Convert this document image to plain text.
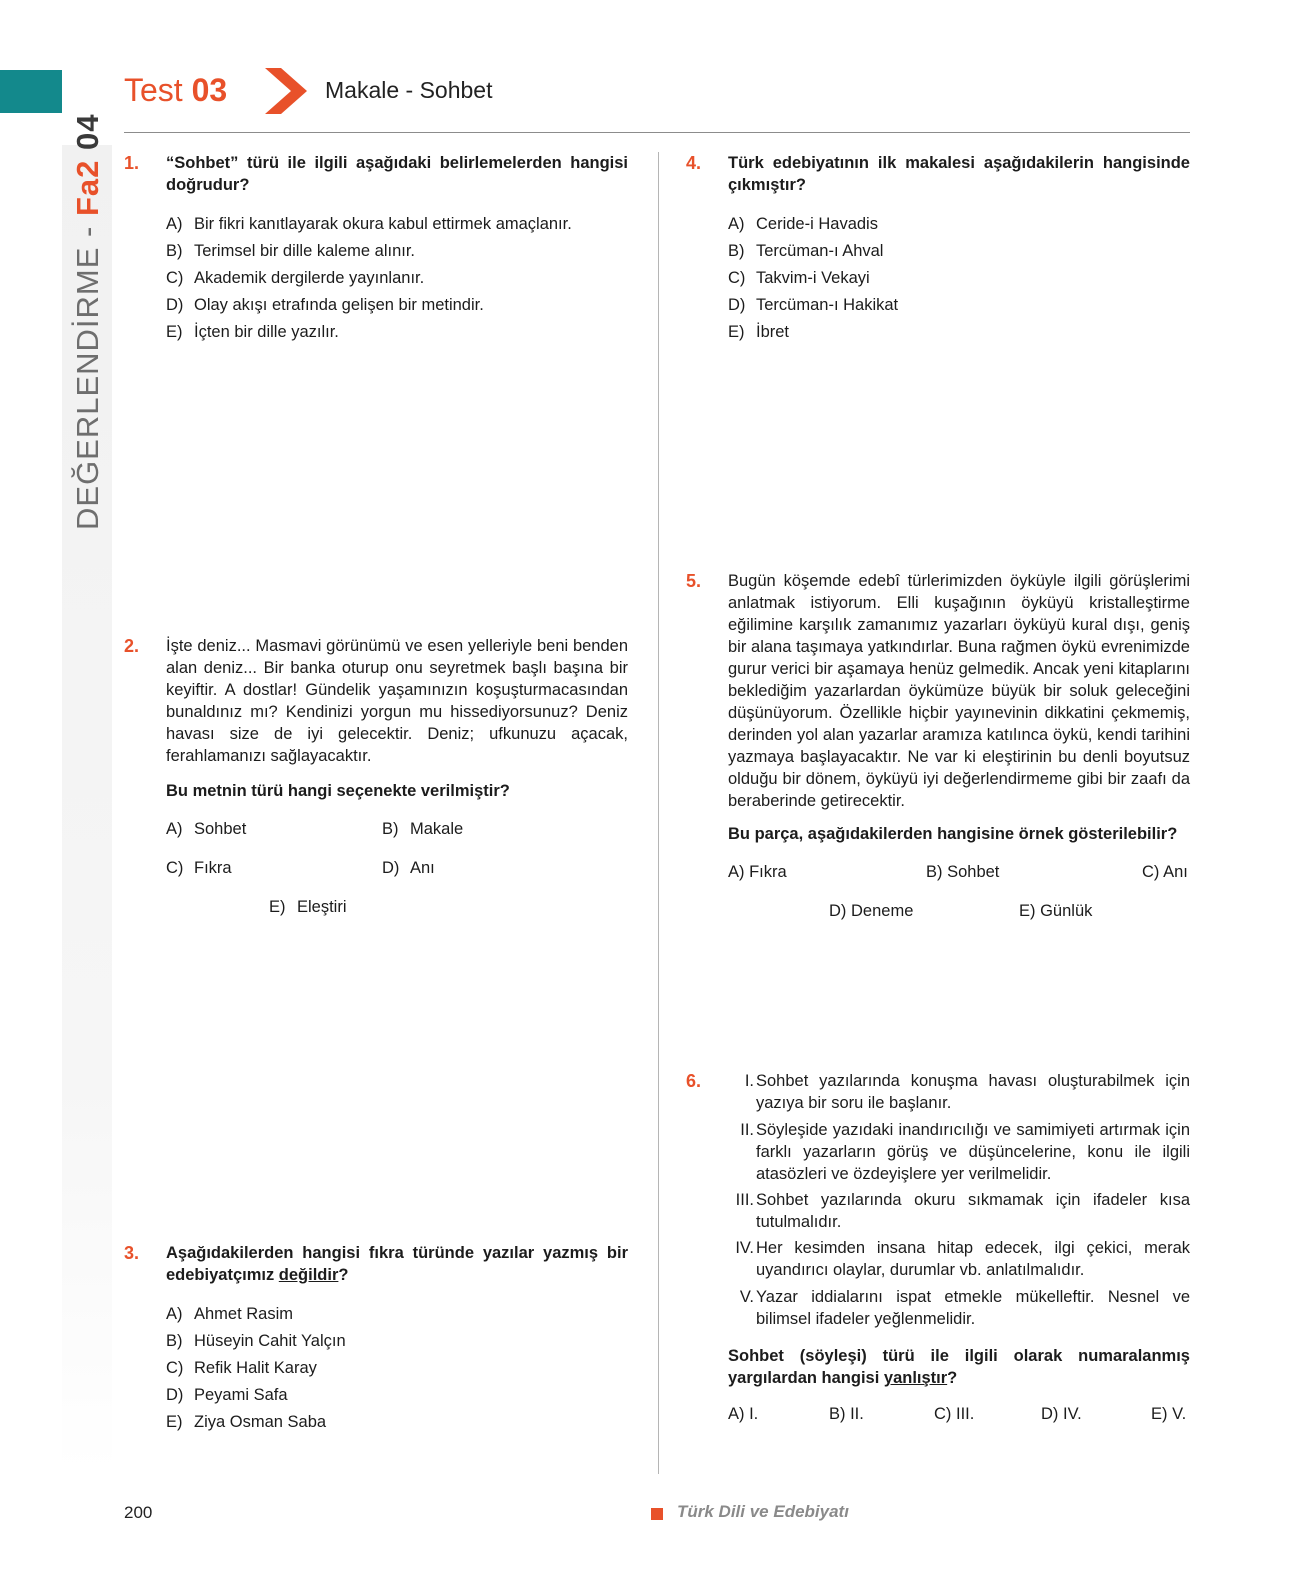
DEĞERLENDİRME - Fa2 04
Test 03	Makale - Sohbet
1. “Sohbet” türü ile ilgili aşağıdaki belirlemelerden hangisi doğrudur?
A) Bir fikri kanıtlayarak okura kabul ettirmek amaçlanır.
B) Terimsel bir dille kaleme alınır.
C) Akademik dergilerde yayınlanır.
D) Olay akışı etrafında gelişen bir metindir.
E) İçten bir dille yazılır.
2. İşte deniz... Masmavi görünümü ve esen yelleriyle beni benden alan deniz... Bir banka oturup onu seyretmek başlı başına bir keyiftir. A dostlar! Gündelik yaşamınızın koşuşturmacasından bunaldınız mı? Kendinizi yorgun mu hissediyorsunuz? Deniz havası size de iyi gelecektir. Deniz; ufkunuzu açacak, ferahlamanızı sağlayacaktır.
Bu metnin türü hangi seçenekte verilmiştir?
A) Sohbet	B) Makale
C) Fıkra	D) Anı
E) Eleştiri
3. Aşağıdakilerden hangisi fıkra türünde yazılar yazmış bir edebiyatçımız değildir?
A) Ahmet Rasim
B) Hüseyin Cahit Yalçın
C) Refik Halit Karay
D) Peyami Safa
E) Ziya Osman Saba
4. Türk edebiyatının ilk makalesi aşağıdakilerin hangisinde çıkmıştır?
A) Ceride-i Havadis
B) Tercüman-ı Ahval
C) Takvim-i Vekayi
D) Tercüman-ı Hakikat
E) İbret
5. Bugün köşemde edebî türlerimizden öyküyle ilgili görüşlerimi anlatmak istiyorum. Elli kuşağının öyküyü kristalleştirme eğilimine karşılık zamanımız yazarları öyküyü kural dışı, geniş bir alana taşımaya yatkındırlar. Buna rağmen öykü evrenimizde gurur verici bir aşamaya henüz gelmedik. Ancak yeni kitaplarını beklediğim yazarlardan öykümüze büyük bir soluk geleceğini düşünüyorum. Özellikle hiçbir yayınevinin dikkatini çekmemiş, derinden yol alan yazarlar aramıza katılınca öykü, kendi tarihini yazmaya başlayacaktır. Ne var ki eleştirinin bu denli boyutsuz olduğu bir dönem, öyküyü iyi değerlendirmeme gibi bir zaafı da beraberinde getirecektir.
Bu parça, aşağıdakilerden hangisine örnek gösterilebilir?
A) Fıkra	B) Sohbet	C) Anı
D) Deneme	E) Günlük
6.	I. Sohbet yazılarında konuşma havası oluşturabilmek için yazıya bir soru ile başlanır.
II. Söyleşide yazıdaki inandırıcılığı ve samimiyeti artırmak için farklı yazarların görüş ve düşüncelerine, konu ile ilgili atasözleri ve özdeyişlere yer verilmelidir.
III. Sohbet yazılarında okuru sıkmamak için ifadeler kısa tutulmalıdır.
IV. Her kesimden insana hitap edecek, ilgi çekici, merak uyandırıcı olaylar, durumlar vb. anlatılmalıdır.
V. Yazar iddialarını ispat etmekle mükelleftir. Nesnel ve bilimsel ifadeler yeğlenmelidir.
Sohbet (söyleşi) türü ile ilgili olarak numaralanmış yargılardan hangisi yanlıştır?
A) I.	B) II.	C) III.	D) IV.	E) V.
200	Türk Dili ve Edebiyatı
